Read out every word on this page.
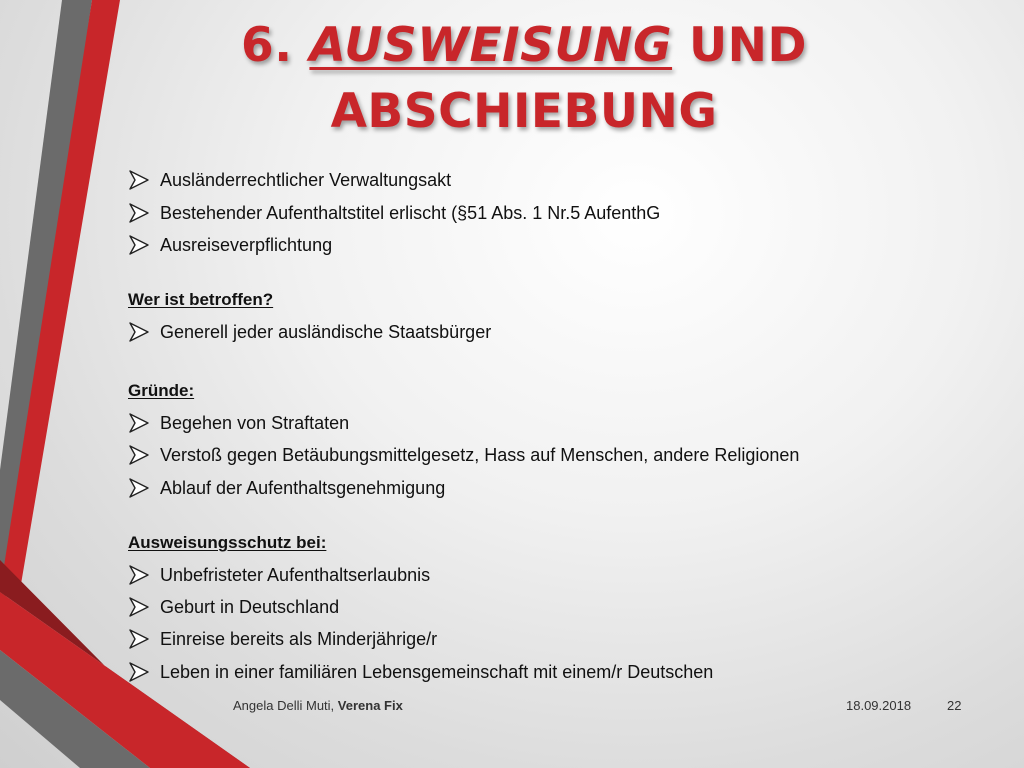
6. AUSWEISUNG UND
ABSCHIEBUNG
Ausländerrechtlicher Verwaltungsakt
Bestehender Aufenthaltstitel erlischt (§51 Abs. 1 Nr.5 AufenthG
Ausreiseverpflichtung
Wer ist betroffen?
Generell jeder ausländische Staatsbürger
Gründe:
Begehen von Straftaten
Verstoß gegen Betäubungsmittelgesetz, Hass auf Menschen, andere Religionen
Ablauf der Aufenthaltsgenehmigung
Ausweisungsschutz bei:
Unbefristeter Aufenthaltserlaubnis
Geburt in Deutschland
Einreise bereits als Minderjährige/r
Leben in einer familiären Lebensgemeinschaft mit einem/r Deutschen
Angela Delli Muti, Verena Fix	18.09.2018	22
